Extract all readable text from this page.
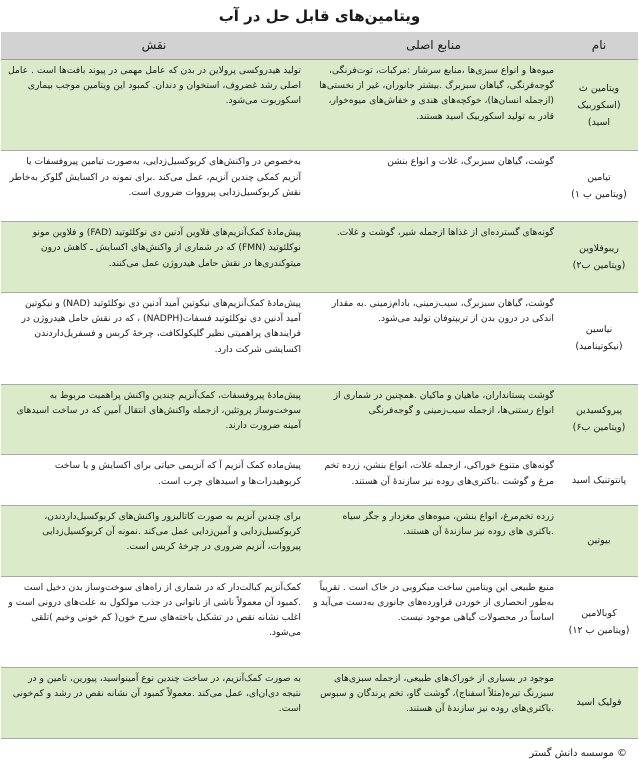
ویتامین‌های قابل حل در آب
نام	منابع اصلی	نقش

ویتامین ث
(اسکوربیک اسید)	میوه‌ها و انواع سبزی‌ها ،منابع سرشار :مرکبات، توت‌فرنگی، گوجه‌فرنگی، گیاهان سبزبرگ .بیشتر جانوران، غیر از نخستی‌ها (ازجمله انسان‌ها)، خوکچه‌های هندی و خفاش‌های میوه‌خوار، قادر به تولید اسکوربیک اسید هستند.	تولید هیدروکسی پرولاین در بدن که عامل مهمی در پیوند بافت‌ها است . عامل اصلی رشد غضروف، استخوان و دندان. کمبود این ویتامین موجب بیماری اسکوربوت می‌شود.

تیامین
(ویتامین ب ۱)	گوشت، گیاهان سبزبرگ، غلات و انواع بنشن	به‌خصوص در واکنش‌های کربوکسیل‌زدایی، به‌صورت تیامین پیروفسفات یا آنزیم کمکی چندین آنزیم، عمل می‌کند .برای نمونه در اکسایش گلوکز به‌خاطر نقش کربوکسیل‌زدایی پیرووات ضروری است.

ریبوفلاوین
(ویتامین ب۲)	گونه‌های گسترده‌ای از غذاها ازجمله شیر، گوشت و غلات.	پیش‌مادهٔ کمک‌آنزیم‌های فلاوین آدنین دی نوکلئوتید (FAD) و فلاوین مونو نوکلئوتید (FMN) که در شماری از واکنش‌های اکسایش ـ کاهش درون میتوکندری‌ها در نقش حامل هیدروژن عمل می‌کنند.

نیاسین
(نیکوتینامید)	گوشت، گیاهان سبزبرگ، سیب‌زمینی، بادام‌زمینی .به مقدار اندکی در درون بدن از تریپتوفان تولید می‌شود.	پیش‌مادهٔ کمک‌آنزیم‌های نیکوتین آمید آدنین دی نوکلئوتید (NAD) و نیکوتین آمید آدنین دی نوکلئوتید فسفات(NADPH) ، که در نقش حامل هیدروژن در فرایندهای پراهمیتی نظیر گلیکولکافت، چرخهٔ کربس و فسفریل‌داردندن اکسایشی شرکت دارد.

پیروکسیدین
(ویتامین ب۶)	گوشت پستانداران، ماهیان و ماکیان .همچنین در شماری از انواع رستنی‌ها، ازجمله سیب‌زمینی و گوجه‌فرنگی	پیش‌مادهٔ پیروفسفات، کمک‌آنزیم چندین واکنش پراهمیت مربوط به سوخت‌وساز پروتئین، ازجمله واکنش‌های انتقال آمین که در ساخت اسیدهای آمینه ضرورت دارند.

پانتوتنیک اسید	گونه‌های متنوع خوراکی، ازجمله غلات، انواع بنشن، زرده تخم مرغ و گوشت .باکتری‌های روده نیز سازندهٔ آن هستند.	پیش‌ماده کمک آنزیم آ که آنزیمی حیاتی برای اکسایش و یا ساخت کربوهیدرات‌ها و اسیدهای چرب است.

بیوتین	زرده تخم‌مرغ، انواع بنشن، میوه‌های مغزدار و جگر سیاه .باکتری های روده نیز سازندهٔ آن هستند.	برای چندین آنزیم به صورت کاتالیزور واکنش‌های کربوکسیل‌داردندن، کربوکسیل‌زدایی و آمین‌زدایی عمل می‌کند .نمونه آن کربوکسیل‌زدایی پیرووات، آنزیم ضروری در چرخهٔ کربس است.

کوبالامین
(ویتامین ب ۱۲)	منبع طبیعی این ویتامین ساخت میکروبی در خاک است . تقریباً به‌طور انحصاری از خوردن فراورده‌های جانوری به‌دست می‌آید و اساساً در محصولات گیاهی موجود نیست.	کمک‌آنزیم کبالت‌دار که در شماری از راه‌های سوخت‌وساز بدن دخیل است .کمبود آن معمولاً ناشی از ناتوانی در جذب مولکول به علت‌های درونی است و اغلب نشانه نقص در تشکیل یاخته‌های سرخ خون( کم خونی وخیم )تلقی می‌شود.

فولیک اسید	موجود در بسیاری از خوراک‌های طبیعی، ازجمله سبزی‌های سبزرنگ تیره(مثلاً اسفناج)، گوشت گاو، تخم پرندگان و سبوس .باکتری‌های روده نیز سازندهٔ آن هستند.	به صورت کمک‌آنزیم، در ساخت چندین نوع آمینواسید، پیورین، تامین و در نتیجه دی‌ان‌ای، عمل می‌کند .معمولاً کمبود آن نشانه نقص در رشد و کم‌خونی است.
© موسسه دانش گستر
